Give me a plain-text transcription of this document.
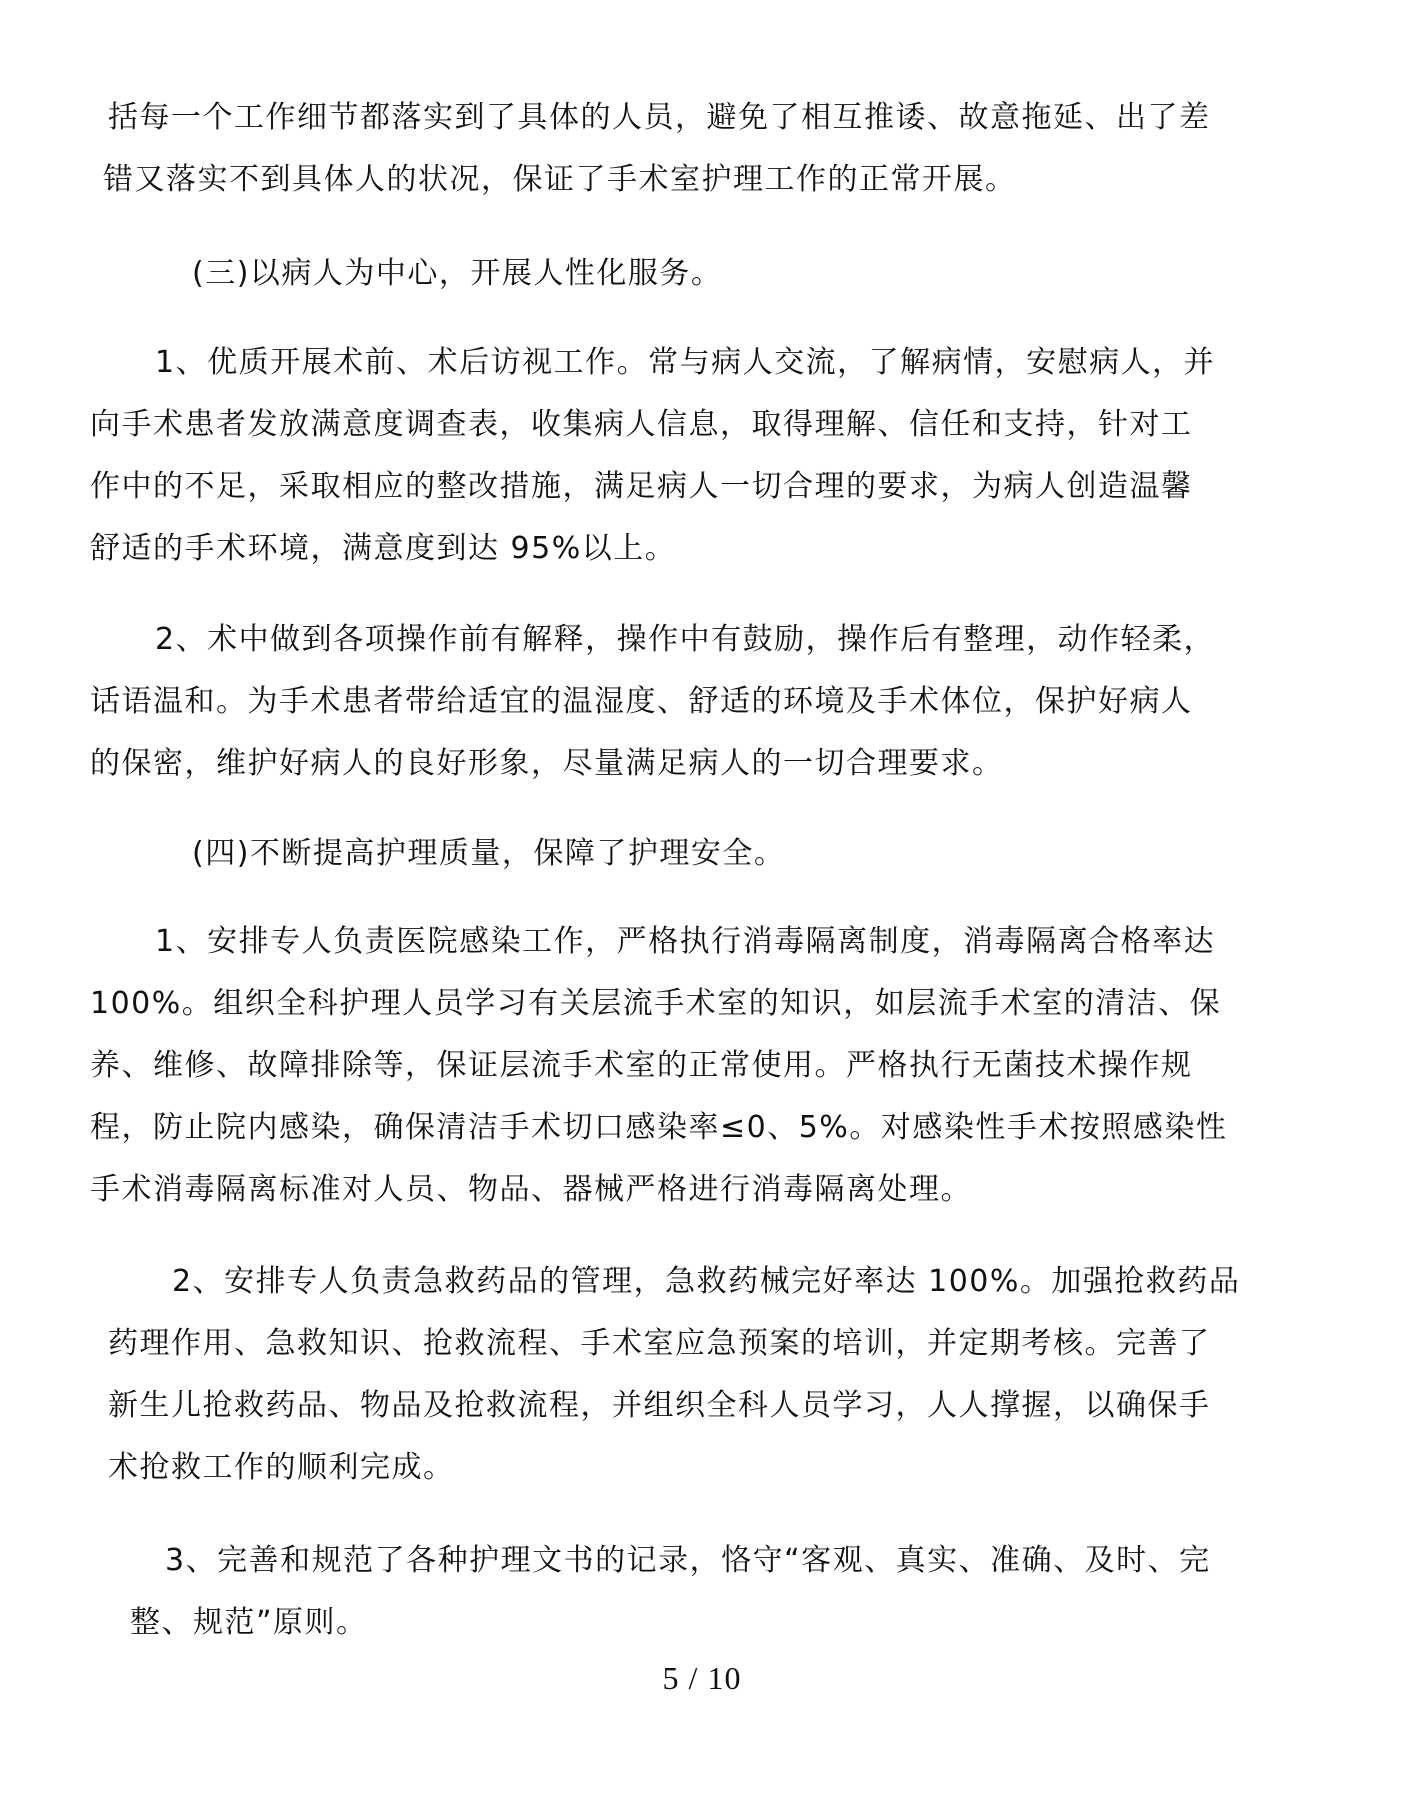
括每一个工作细节都落实到了具体的人员，避免了相互推诿、故意拖延、出了差
错又落实不到具体人的状况，保证了手术室护理工作的正常开展。
(三)以病人为中心，开展人性化服务。
1、优质开展术前、术后访视工作。常与病人交流，了解病情，安慰病人，并
向手术患者发放满意度调查表，收集病人信息，取得理解、信任和支持，针对工
作中的不足，采取相应的整改措施，满足病人一切合理的要求，为病人创造温馨
舒适的手术环境，满意度到达 95%以上。
2、术中做到各项操作前有解释，操作中有鼓励，操作后有整理，动作轻柔，
话语温和。为手术患者带给适宜的温湿度、舒适的环境及手术体位，保护好病人
的保密，维护好病人的良好形象，尽量满足病人的一切合理要求。
(四)不断提高护理质量，保障了护理安全。
1、安排专人负责医院感染工作，严格执行消毒隔离制度，消毒隔离合格率达
100%。组织全科护理人员学习有关层流手术室的知识，如层流手术室的清洁、保
养、维修、故障排除等，保证层流手术室的正常使用。严格执行无菌技术操作规
程，防止院内感染，确保清洁手术切口感染率≤0、5%。对感染性手术按照感染性
手术消毒隔离标准对人员、物品、器械严格进行消毒隔离处理。
2、安排专人负责急救药品的管理，急救药械完好率达 100%。加强抢救药品
药理作用、急救知识、抢救流程、手术室应急预案的培训，并定期考核。完善了
新生儿抢救药品、物品及抢救流程，并组织全科人员学习，人人撑握，以确保手
术抢救工作的顺利完成。
3、完善和规范了各种护理文书的记录，恪守“客观、真实、准确、及时、完
整、规范”原则。
5 / 10
